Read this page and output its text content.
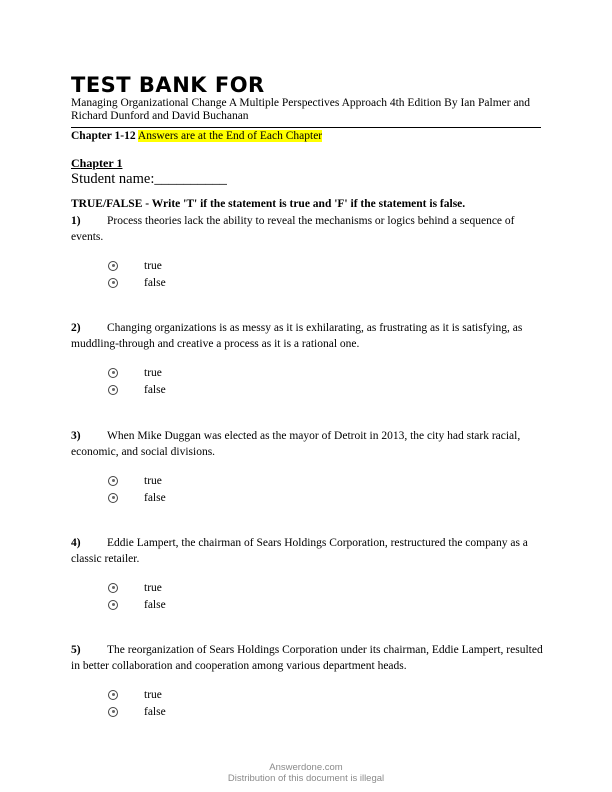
TEST BANK FOR

Managing Organizational Change A Multiple Perspectives Approach 4th Edition By Ian Palmer and Richard Dunford and David Buchanan

Chapter 1-12 Answers are at the End of Each Chapter
Chapter 1
Student name:__________
TRUE/FALSE - Write 'T' if the statement is true and 'F' if the statement is false.

1) Process theories lack the ability to reveal the mechanisms or logics behind a sequence of events.

true
false

2) Changing organizations is as messy as it is exhilarating, as frustrating as it is satisfying, as muddling-through and creative a process as it is a rational one.

true
false

3) When Mike Duggan was elected as the mayor of Detroit in 2013, the city had stark racial, economic, and social divisions.

true
false

4) Eddie Lampert, the chairman of Sears Holdings Corporation, restructured the company as a classic retailer.

true
false

5) The reorganization of Sears Holdings Corporation under its chairman, Eddie Lampert, resulted in better collaboration and cooperation among various department heads.

true
false
Answerdone.com
Distribution of this document is illegal
